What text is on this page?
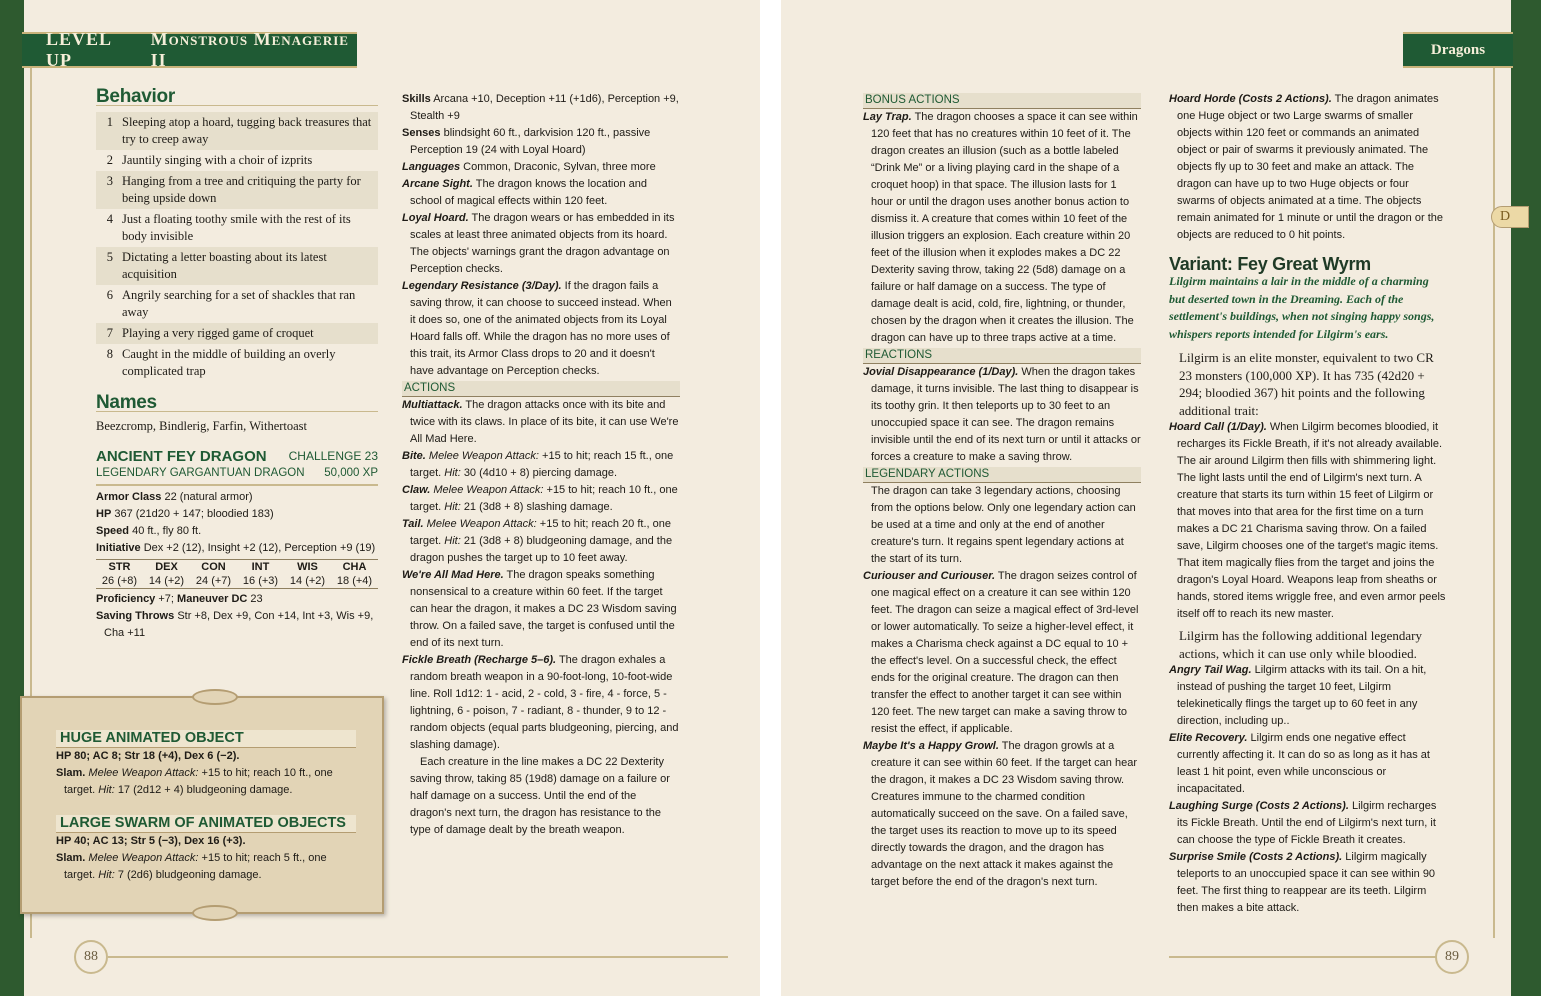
88
Behavior
1 Sleeping atop a hoard, tugging back treasures that try to creep away
2 Jauntily singing with a choir of izprits
3 Hanging from a tree and critiquing the party for being upside down
4 Just a floating toothy smile with the rest of its body invisible
5 Dictating a letter boasting about its latest acquisition
6 Angrily searching for a set of shackles that ran away
7 Playing a very rigged game of croquet
8 Caught in the middle of building an overly complicated trap
Names

Beezcromp, Bindlerig, Farfin, Withertoast

ANCIENT FEY DRAGON CHALLENGE 23
LEGENDARY GARGANTUAN DRAGON 50,000 XP
Armor Class 22 (natural armor)
HP 367 (21d20 + 147; bloodied 183)
Speed 40 ft., fly 80 ft.
Initiative Dex +2 (12), Insight +2 (12), Perception +9 (19)
STR
26 (+8)
DEX
14 (+2)
CON
24 (+7)
INT
16 (+3)
WIS
14 (+2)
CHA
18 (+4)
Proficiency +7; Maneuver DC 23
Saving Throws Str +8, Dex +9, Con +14, Int +3, Wis +9, Cha +11
HUGE ANIMATED OBJECT
HP 80; AC 8; Str 18 (+4), Dex 6 (−2).
Slam. Melee Weapon Attack: +15 to hit; reach 10 ft., one target. Hit: 17 (2d12 + 4) bludgeoning damage.
LARGE SWARM OF ANIMATED OBJECTS
HP 40; AC 13; Str 5 (−3), Dex 16 (+3).
Slam. Melee Weapon Attack: +15 to hit; reach 5 ft., one target. Hit: 7 (2d6) bludgeoning damage.

Skills Arcana +10, Deception +11 (+1d6), Perception +9, Stealth +9

Senses blindsight 60 ft., darkvision 120 ft., passive Perception 19 (24 with Loyal Hoard)

Languages Common, Draconic, Sylvan, three more

Arcane Sight. The dragon knows the location and school of magical effects within 120 feet.

Loyal Hoard. The dragon wears or has embedded in its scales at least three animated objects from its hoard. The objects' warnings grant the dragon advantage on Perception checks.

Legendary Resistance (3/Day). If the dragon fails a saving throw, it can choose to succeed instead. When it does so, one of the animated objects from its Loyal Hoard falls off. While the dragon has no more uses of this trait, its Armor Class drops to 20 and it doesn't have advantage on Perception checks.

ACTIONS

Multiattack. The dragon attacks once with its bite and twice with its claws. In place of its bite, it can use We're All Mad Here.

Bite. Melee Weapon Attack: +15 to hit; reach 15 ft., one target. Hit: 30 (4d10 + 8) piercing damage.

Claw. Melee Weapon Attack: +15 to hit; reach 10 ft., one target. Hit: 21 (3d8 + 8) slashing damage.

Tail. Melee Weapon Attack: +15 to hit; reach 20 ft., one target. Hit: 21 (3d8 + 8) bludgeoning damage, and the dragon pushes the target up to 10 feet away.

We're All Mad Here. The dragon speaks something nonsensical to a creature within 60 feet. If the target can hear the dragon, it makes a DC 23 Wisdom saving throw. On a failed save, the target is confused until the end of its next turn.

Fickle Breath (Recharge 5–6). The dragon exhales a random breath weapon in a 90-foot-long, 10-foot-wide line. Roll 1d12: 1 - acid, 2 - cold, 3 - fire, 4 - force, 5 - lightning, 6 - poison, 7 - radiant, 8 - thunder, 9 to 12 - random objects (equal parts bludgeoning, piercing, and slashing damage).

Each creature in the line makes a DC 22 Dexterity saving throw, taking 85 (19d8) damage on a failure or half damage on a success. Until the end of the dragon's next turn, the dragon has resistance to the type of damage dealt by the breath weapon.

LEVEL UP
Monstrous Menagerie II
89
D
BONUS ACTIONS

Lay Trap. The dragon chooses a space it can see within 120 feet that has no creatures within 10 feet of it. The dragon creates an illusion (such as a bottle labeled “Drink Me” or a living playing card in the shape of a croquet hoop) in that space. The illusion lasts for 1 hour or until the dragon uses another bonus action to dismiss it. A creature that comes within 10 feet of the illusion triggers an explosion. Each creature within 20 feet of the illusion when it explodes makes a DC 22 Dexterity saving throw, taking 22 (5d8) damage on a failure or half damage on a success. The type of damage dealt is acid, cold, fire, lightning, or thunder, chosen by the dragon when it creates the illusion. The dragon can have up to three traps active at a time.

REACTIONS

Jovial Disappearance (1/Day). When the dragon takes damage, it turns invisible. The last thing to disappear is its toothy grin. It then teleports up to 30 feet to an unoccupied space it can see. The dragon remains invisible until the end of its next turn or until it attacks or forces a creature to make a saving throw.

LEGENDARY ACTIONS

The dragon can take 3 legendary actions, choosing from the options below. Only one legendary action can be used at a time and only at the end of another creature's turn. It regains spent legendary actions at the start of its turn.

Curiouser and Curiouser. The dragon seizes control of one magical effect on a creature it can see within 120 feet. The dragon can seize a magical effect of 3rd-level or lower automatically. To seize a higher-level effect, it makes a Charisma check against a DC equal to 10 + the effect's level. On a successful check, the effect ends for the original creature. The dragon can then transfer the effect to another target it can see within 120 feet. The new target can make a saving throw to resist the effect, if applicable.

Maybe It's a Happy Growl. The dragon growls at a creature it can see within 60 feet. If the target can hear the dragon, it makes a DC 23 Wisdom saving throw. Creatures immune to the charmed condition automatically succeed on the save. On a failed save, the target uses its reaction to move up to its speed directly towards the dragon, and the dragon has advantage on the next attack it makes against the target before the end of the dragon's next turn.

Hoard Horde (Costs 2 Actions). The dragon animates one Huge object or two Large swarms of smaller objects within 120 feet or commands an animated object or pair of swarms it previously animated. The objects fly up to 30 feet and make an attack. The dragon can have up to two Huge objects or four swarms of objects animated at a time. The objects remain animated for 1 minute or until the dragon or the objects are reduced to 0 hit points.

Variant: Fey Great Wyrm

Lilgirm maintains a lair in the middle of a charming but deserted town in the Dreaming. Each of the settlement's buildings, when not singing happy songs, whispers reports intended for Lilgirm's ears.

Lilgirm is an elite monster, equivalent to two CR 23 monsters (100,000 XP). It has 735 (42d20 + 294; bloodied 367) hit points and the following additional trait:

Hoard Call (1/Day). When Lilgirm becomes bloodied, it recharges its Fickle Breath, if it's not already available. The air around Lilgirm then fills with shimmering light. The light lasts until the end of Lilgirm's next turn. A creature that starts its turn within 15 feet of Lilgirm or that moves into that area for the first time on a turn makes a DC 21 Charisma saving throw. On a failed save, Lilgirm chooses one of the target's magic items. That item magically flies from the target and joins the dragon's Loyal Hoard. Weapons leap from sheaths or hands, stored items wriggle free, and even armor peels itself off to reach its new master.

Lilgirm has the following additional legendary actions, which it can use only while bloodied.

Angry Tail Wag. Lilgirm attacks with its tail. On a hit, instead of pushing the target 10 feet, Lilgirm telekinetically flings the target up to 60 feet in any direction, including up..

Elite Recovery. Lilgirm ends one negative effect currently affecting it. It can do so as long as it has at least 1 hit point, even while unconscious or incapacitated.

Laughing Surge (Costs 2 Actions). Lilgirm recharges its Fickle Breath. Until the end of Lilgirm's next turn, it can choose the type of Fickle Breath it creates.

Surprise Smile (Costs 2 Actions). Lilgirm magically teleports to an unoccupied space it can see within 90 feet. The first thing to reappear are its teeth. Lilgirm then makes a bite attack.

Dragons
